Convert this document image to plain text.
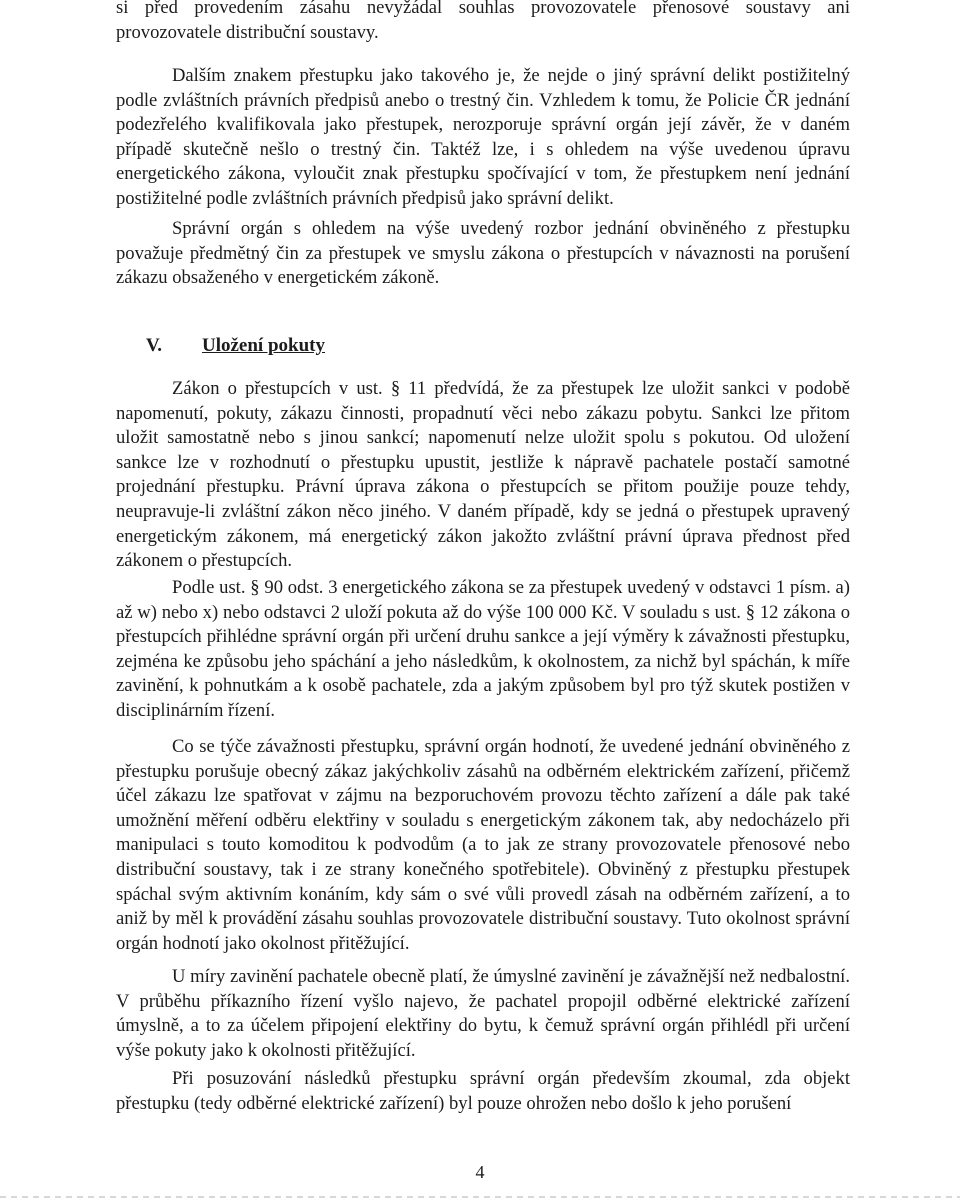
si před provedením zásahu nevyžádal souhlas provozovatele přenosové soustavy ani provozovatele distribuční soustavy.

Dalším znakem přestupku jako takového je, že nejde o jiný správní delikt postižitelný podle zvláštních právních předpisů anebo o trestný čin. Vzhledem k tomu, že Policie ČR jednání podezřelého kvalifikovala jako přestupek, nerozporuje správní orgán její závěr, že v daném případě skutečně nešlo o trestný čin. Taktéž lze, i s ohledem na výše uvedenou úpravu energetického zákona, vyloučit znak přestupku spočívající v tom, že přestupkem není jednání postižitelné podle zvláštních právních předpisů jako správní delikt.

Správní orgán s ohledem na výše uvedený rozbor jednání obviněného z přestupku považuje předmětný čin za přestupek ve smyslu zákona o přestupcích v návaznosti na porušení zákazu obsaženého v energetickém zákoně.

V. Uložení pokuty

Zákon o přestupcích v ust. § 11 předvídá, že za přestupek lze uložit sankci v podobě napomenutí, pokuty, zákazu činnosti, propadnutí věci nebo zákazu pobytu. Sankci lze přitom uložit samostatně nebo s jinou sankcí; napomenutí nelze uložit spolu s pokutou. Od uložení sankce lze v rozhodnutí o přestupku upustit, jestliže k nápravě pachatele postačí samotné projednání přestupku. Právní úprava zákona o přestupcích se přitom použije pouze tehdy, neupravuje-li zvláštní zákon něco jiného. V daném případě, kdy se jedná o přestupek upravený energetickým zákonem, má energetický zákon jakožto zvláštní právní úprava přednost před zákonem o přestupcích.

Podle ust. § 90 odst. 3 energetického zákona se za přestupek uvedený v odstavci 1 písm. a) až w) nebo x) nebo odstavci 2 uloží pokuta až do výše 100 000 Kč. V souladu s ust. § 12 zákona o přestupcích přihlédne správní orgán při určení druhu sankce a její výměry k závažnosti přestupku, zejména ke způsobu jeho spáchání a jeho následkům, k okolnostem, za nichž byl spáchán, k míře zavinění, k pohnutkám a k osobě pachatele, zda a jakým způsobem byl pro týž skutek postižen v disciplinárním řízení.

Co se týče závažnosti přestupku, správní orgán hodnotí, že uvedené jednání obviněného z přestupku porušuje obecný zákaz jakýchkoliv zásahů na odběrném elektrickém zařízení, přičemž účel zákazu lze spatřovat v zájmu na bezporuchovém provozu těchto zařízení a dále pak také umožnění měření odběru elektřiny v souladu s energetickým zákonem tak, aby nedocházelo při manipulaci s touto komoditou k podvodům (a to jak ze strany provozovatele přenosové nebo distribuční soustavy, tak i ze strany konečného spotřebitele). Obviněný z přestupku přestupek spáchal svým aktivním konáním, kdy sám o své vůli provedl zásah na odběrném zařízení, a to aniž by měl k provádění zásahu souhlas provozovatele distribuční soustavy. Tuto okolnost správní orgán hodnotí jako okolnost přitěžující.

U míry zavinění pachatele obecně platí, že úmyslné zavinění je závažnější než nedbalostní. V průběhu příkazního řízení vyšlo najevo, že pachatel propojil odběrné elektrické zařízení úmyslně, a to za účelem připojení elektřiny do bytu, k čemuž správní orgán přihlédl při určení výše pokuty jako k okolnosti přitěžující.

Při posuzování následků přestupku správní orgán především zkoumal, zda objekt přestupku (tedy odběrné elektrické zařízení) byl pouze ohrožen nebo došlo k jeho porušení

4
